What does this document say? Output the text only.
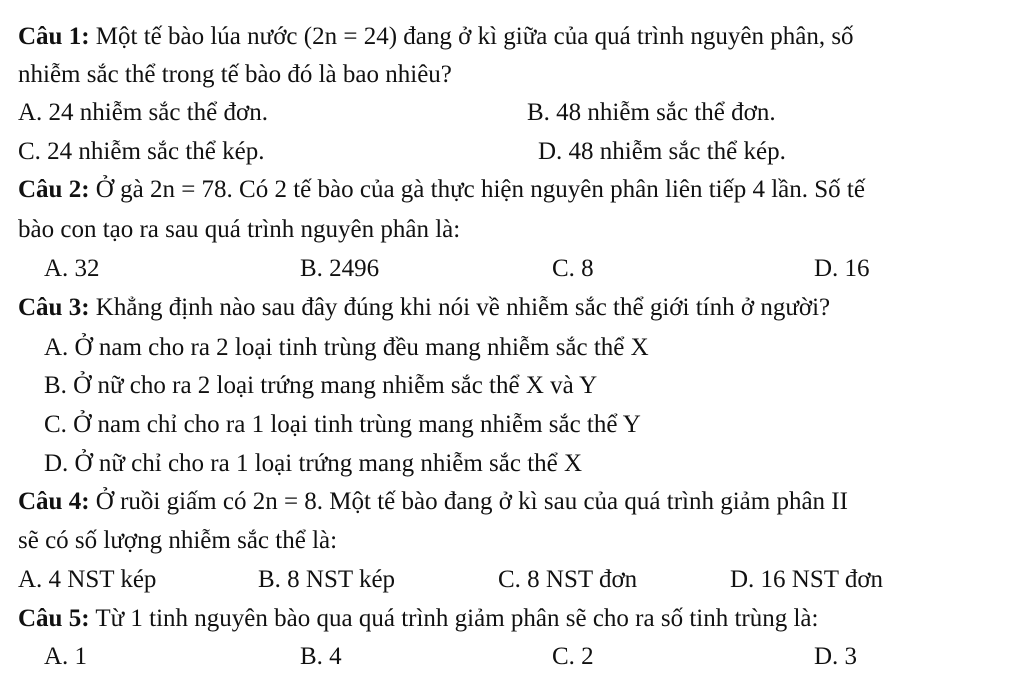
Câu 1: Một tế bào lúa nước (2n = 24) đang ở kì giữa của quá trình nguyên phân, số
nhiễm sắc thể trong tế bào đó là bao nhiêu?
A. 24 nhiễm sắc thể đơn.	B. 48 nhiễm sắc thể đơn.
C. 24 nhiễm sắc thể kép.	D. 48 nhiễm sắc thể kép.
Câu 2: Ở gà 2n = 78. Có 2 tế bào của gà thực hiện nguyên phân liên tiếp 4 lần. Số tế
bào con tạo ra sau quá trình nguyên phân là:
A. 32	B. 2496	C. 8	D. 16
Câu 3: Khẳng định nào sau đây đúng khi nói về nhiễm sắc thể giới tính ở người?
A. Ở nam cho ra 2 loại tinh trùng đều mang nhiễm sắc thể X
B. Ở nữ cho ra 2 loại trứng mang nhiễm sắc thể X và Y
C. Ở nam chỉ cho ra 1 loại tinh trùng mang nhiễm sắc thể Y
D. Ở nữ chỉ cho ra 1 loại trứng mang nhiễm sắc thể X
Câu 4: Ở ruồi giấm có 2n = 8. Một tế bào đang ở kì sau của quá trình giảm phân II
sẽ có số lượng nhiễm sắc thể là:
A. 4 NST kép	B. 8 NST kép	C. 8 NST đơn	D. 16 NST đơn
Câu 5: Từ 1 tinh nguyên bào qua quá trình giảm phân sẽ cho ra số tinh trùng là:
A. 1	B. 4	C. 2	D. 3
